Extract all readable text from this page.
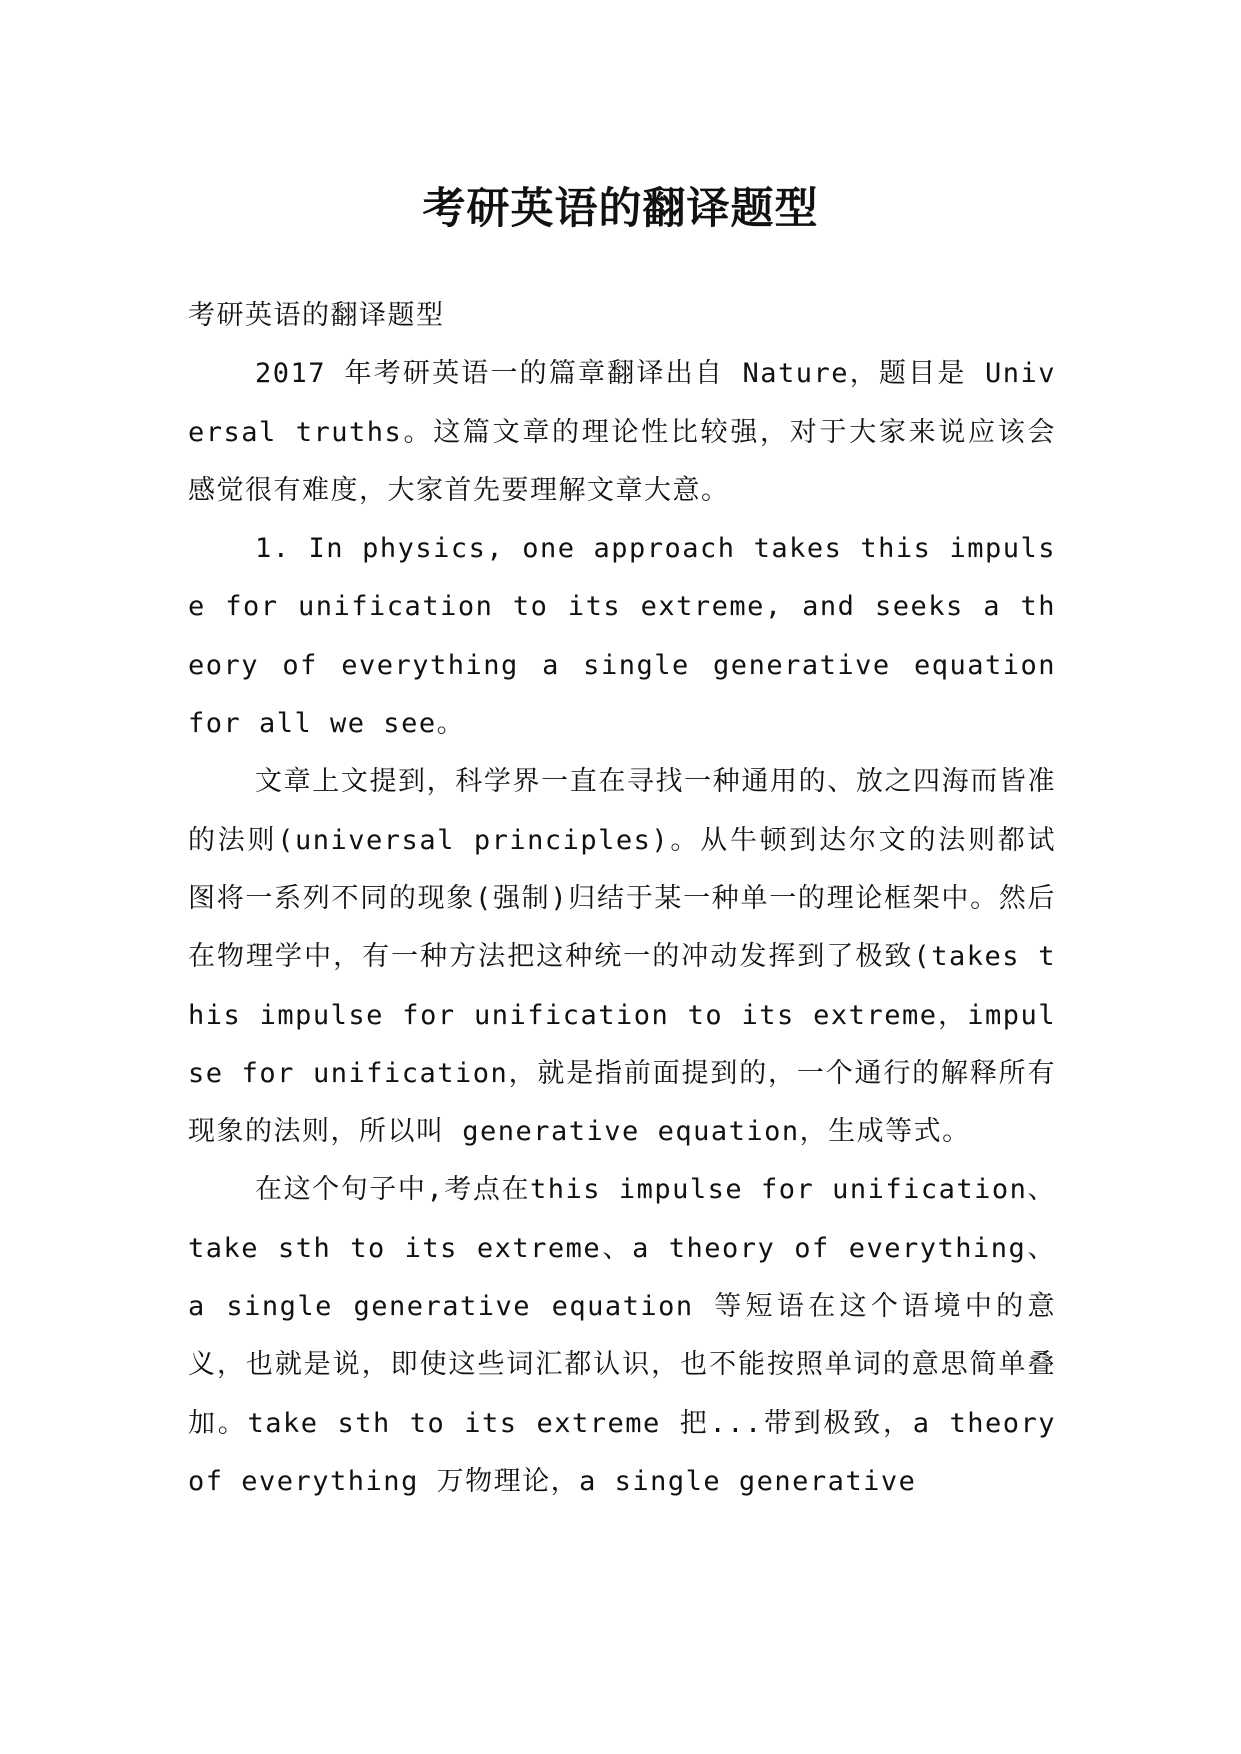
考研英语的翻译题型

考研英语的翻译题型

2017 年考研英语一的篇章翻译出自 Nature，题目是 Universal truths。这篇文章的理论性比较强，对于大家来说应该会感觉很有难度，大家首先要理解文章大意。

1. In physics, one approach takes this impulse for unification to its extreme, and seeks a theory of everything a single generative equation for all we see。

文章上文提到，科学界一直在寻找一种通用的、放之四海而皆准的法则(universal principles)。从牛顿到达尔文的法则都试图将一系列不同的现象(强制)归结于某一种单一的理论框架中。然后在物理学中，有一种方法把这种统一的冲动发挥到了极致(takes this impulse for unification to its extreme，impulse for unification，就是指前面提到的，一个通行的解释所有现象的法则，所以叫 generative equation，生成等式。

在这个句子中,考点在this impulse for unification、take sth to its extreme、a theory of everything、a single generative equation 等短语在这个语境中的意义，也就是说，即使这些词汇都认识，也不能按照单词的意思简单叠加。take sth to its extreme 把...带到极致，a theory of everything 万物理论，a single generative
